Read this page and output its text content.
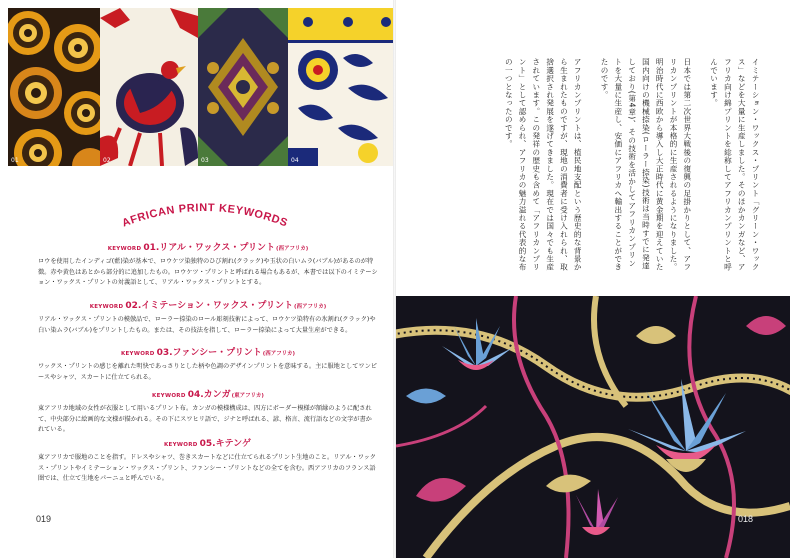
01	02	03	04
AFRICAN PRINT KEYWORDS
KEYWORD 01.リアル・ワックス・プリント(西アフリカ)
ロウを使用したインディゴ(藍)染が基本で、ロウケツ染独特のひび割れ(クラック)や玉状の白いムラ(バブル)があるのが特徴。赤や黄色はあとから部分的に追加したもの。ロウケツ・プリントと呼ばれる場合もあるが、本書では以下のイミテーション・ワックス・プリントの対義語として、リアル・ワックス・プリントとする。
KEYWORD 02.イミテーション・ワックス・プリント(西アフリカ)
リアル・ワックス・プリントの模倣品で、ローラー捺染のロール彫刻技術によって、ロウケツ染特有の氷割れ(クラック)や白い染ムラ(バブル)をプリントしたもの。または、その技法を指して、ローラー捺染によって大量生産ができる。
KEYWORD 03.ファンシー・プリント(西アフリカ)
ワックス・プリントの感じを離れた明快であっさりとした柄や色調のデザインプリントを意味する。主に服地としてワンピースやシャツ、スカートに仕立てられる。
KEYWORD 04.カンガ(東アフリカ)
東アフリカ地域の女性が衣服として用いるプリント布。カンガの模様構成は、四方にボーダー模様が額縁のように配されて、中央部分に絵画的な文様が描かれる。その下にスワヒリ語で、ジナと呼ばれる、諺、格言、流行語などの文字が書かれている。
KEYWORD 05.キテンゲ
東アフリカで服地のことを指す。ドレスやシャツ、巻きスカートなどに仕立てられるプリント生地のこと。リアル・ワックス・プリントやイミテーション・ワックス・プリント、ファンシー・プリントなどの全てを含む。西アフリカのフランス語圏では、仕立て生地をパーニュと呼んでいる。
019

イミテーション・ワックス・プリント「グリーン・ワックス」などを大量に生産しました。そのほかカンガなど、アフリカ向け綿プリントを総称してアフリカンプリントと呼んでいます。

日本では第二次世界大戦後の復興の足掛かりとして、アフリカンプリントが本格的に生産されるようになりました。明治時代に西欧から導入し大正時代に黄金期を迎えていた国内向けの機械捺染(ローラー捺染)技術は当時すでに発達しており(第4章)、その技術を活かしてアフリカンプリントを大量に生産し、安価にアフリカへ輸出することができたのです。

アフリカンプリントは、植民地支配という歴史的な背景から生まれたものですが、現地の消費者に受け入れられ、取捨選択され発展を遂げてきました。現在では国々でも生産されています。この発祥の歴史も含めて「アフリカンプリント」として認められ、アフリカの魅力溢れる代表的な布の一つとなったのです。

018
